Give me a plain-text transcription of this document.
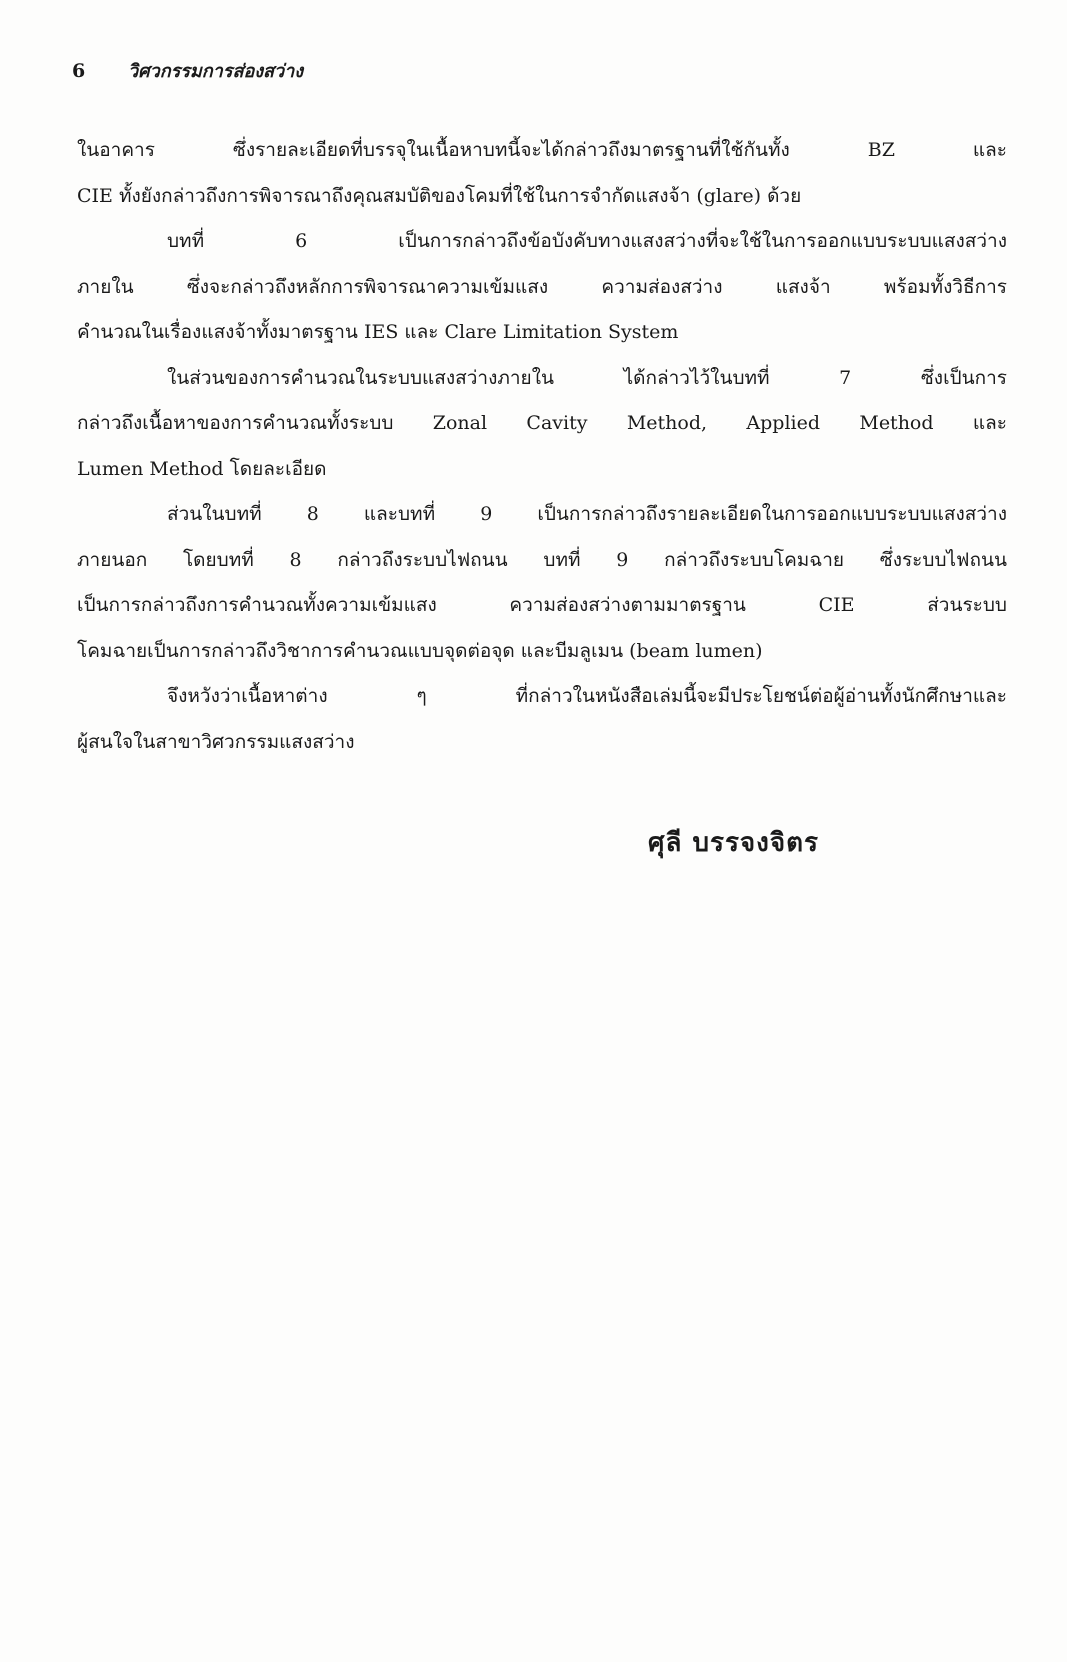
6 วิศวกรรมการส่องสว่าง
ในอาคาร ซึ่งรายละเอียดที่บรรจุในเนื้อหาบทนี้จะได้กล่าวถึงมาตรฐานที่ใช้กันทั้ง BZ และ
CIE ทั้งยังกล่าวถึงการพิจารณาถึงคุณสมบัติของโคมที่ใช้ในการจำกัดแสงจ้า (glare) ด้วย
บทที่ 6 เป็นการกล่าวถึงข้อบังคับทางแสงสว่างที่จะใช้ในการออกแบบระบบแสงสว่าง
ภายใน ซึ่งจะกล่าวถึงหลักการพิจารณาความเข้มแสง ความส่องสว่าง แสงจ้า พร้อมทั้งวิธีการ
คำนวณในเรื่องแสงจ้าทั้งมาตรฐาน IES และ Clare Limitation System
ในส่วนของการคำนวณในระบบแสงสว่างภายใน ได้กล่าวไว้ในบทที่ 7 ซึ่งเป็นการ
กล่าวถึงเนื้อหาของการคำนวณทั้งระบบ Zonal Cavity Method, Applied Method และ
Lumen Method โดยละเอียด
ส่วนในบทที่ 8 และบทที่ 9 เป็นการกล่าวถึงรายละเอียดในการออกแบบระบบแสงสว่าง
ภายนอก โดยบทที่ 8 กล่าวถึงระบบไฟถนน บทที่ 9 กล่าวถึงระบบโคมฉาย ซึ่งระบบไฟถนน
เป็นการกล่าวถึงการคำนวณทั้งความเข้มแสง ความส่องสว่างตามมาตรฐาน CIE ส่วนระบบ
โคมฉายเป็นการกล่าวถึงวิชาการคำนวณแบบจุดต่อจุด และบีมลูเมน (beam lumen)
จึงหวังว่าเนื้อหาต่าง ๆ ที่กล่าวในหนังสือเล่มนี้จะมีประโยชน์ต่อผู้อ่านทั้งนักศึกษาและ
ผู้สนใจในสาขาวิศวกรรมแสงสว่าง
ศุลี บรรจงจิตร
